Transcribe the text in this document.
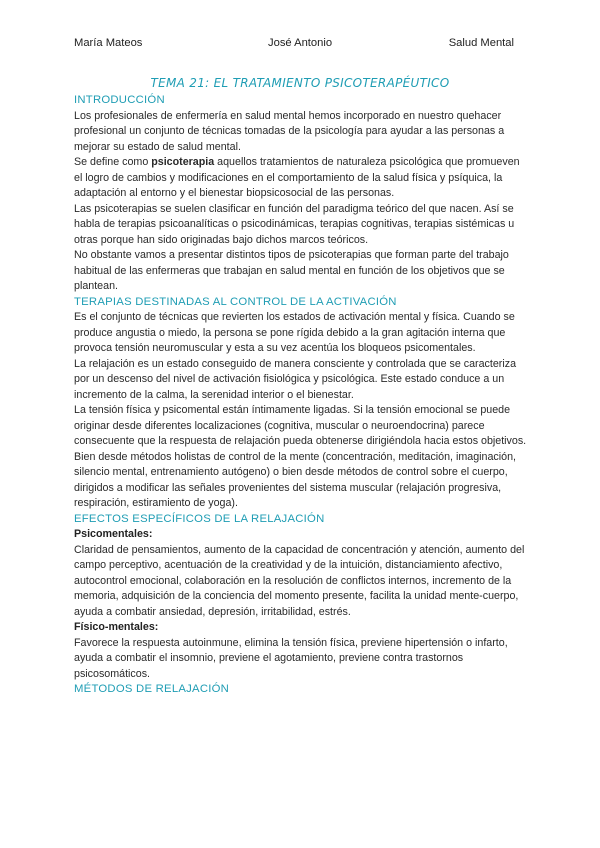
María Mateos	José Antonio	Salud Mental
TEMA 21: EL TRATAMIENTO PSICOTERAPÉUTICO
INTRODUCCIÓN

Los profesionales de enfermería en salud mental hemos incorporado en nuestro quehacer profesional un conjunto de técnicas tomadas de la psicología para ayudar a las personas a mejorar su estado de salud mental.

Se define como psicoterapia aquellos tratamientos de naturaleza psicológica que promueven el logro de cambios y modificaciones en el comportamiento de la salud física y psíquica, la adaptación al entorno y el bienestar biopsicosocial de las personas.

Las psicoterapias se suelen clasificar en función del paradigma teórico del que nacen. Así se habla de terapias psicoanalíticas o psicodinámicas, terapias cognitivas, terapias sistémicas u otras porque han sido originadas bajo dichos marcos teóricos.

No obstante vamos a presentar distintos tipos de psicoterapias que forman parte del trabajo habitual de las enfermeras que trabajan en salud mental en función de los objetivos que se plantean.

TERAPIAS DESTINADAS AL CONTROL DE LA ACTIVACIÓN

Es el conjunto de técnicas que revierten los estados de activación mental y física. Cuando se produce angustia o miedo, la persona se pone rígida debido a la gran agitación interna que provoca tensión neuromuscular y esta a su vez acentúa los bloqueos psicomentales.

La relajación es un estado conseguido de manera consciente y controlada que se caracteriza por un descenso del nivel de activación fisiológica y psicológica. Este estado conduce a un incremento de la calma, la serenidad interior o el bienestar.

La tensión física y psicomental están íntimamente ligadas. Si la tensión emocional se puede originar desde diferentes localizaciones (cognitiva, muscular o neuroendocrina) parece consecuente que la respuesta de relajación pueda obtenerse dirigiéndola hacia estos objetivos.

Bien desde métodos holistas de control de la mente (concentración, meditación, imaginación, silencio mental, entrenamiento autógeno) o bien desde métodos de control sobre el cuerpo, dirigidos a modificar las señales provenientes del sistema muscular (relajación progresiva, respiración, estiramiento de yoga).

EFECTOS ESPECÍFICOS DE LA RELAJACIÓN
Psicomentales:

Claridad de pensamientos, aumento de la capacidad de concentración y atención, aumento del campo perceptivo, acentuación de la creatividad y de la intuición, distanciamiento afectivo, autocontrol emocional, colaboración en la resolución de conflictos internos, incremento de la memoria, adquisición de la conciencia del momento presente, facilita la unidad mente-cuerpo, ayuda a combatir ansiedad, depresión, irritabilidad, estrés.

Físico-mentales:

Favorece la respuesta autoinmune, elimina la tensión física, previene hipertensión o infarto, ayuda a combatir el insomnio, previene el agotamiento, previene contra trastornos psicosomáticos.

MÉTODOS DE RELAJACIÓN
